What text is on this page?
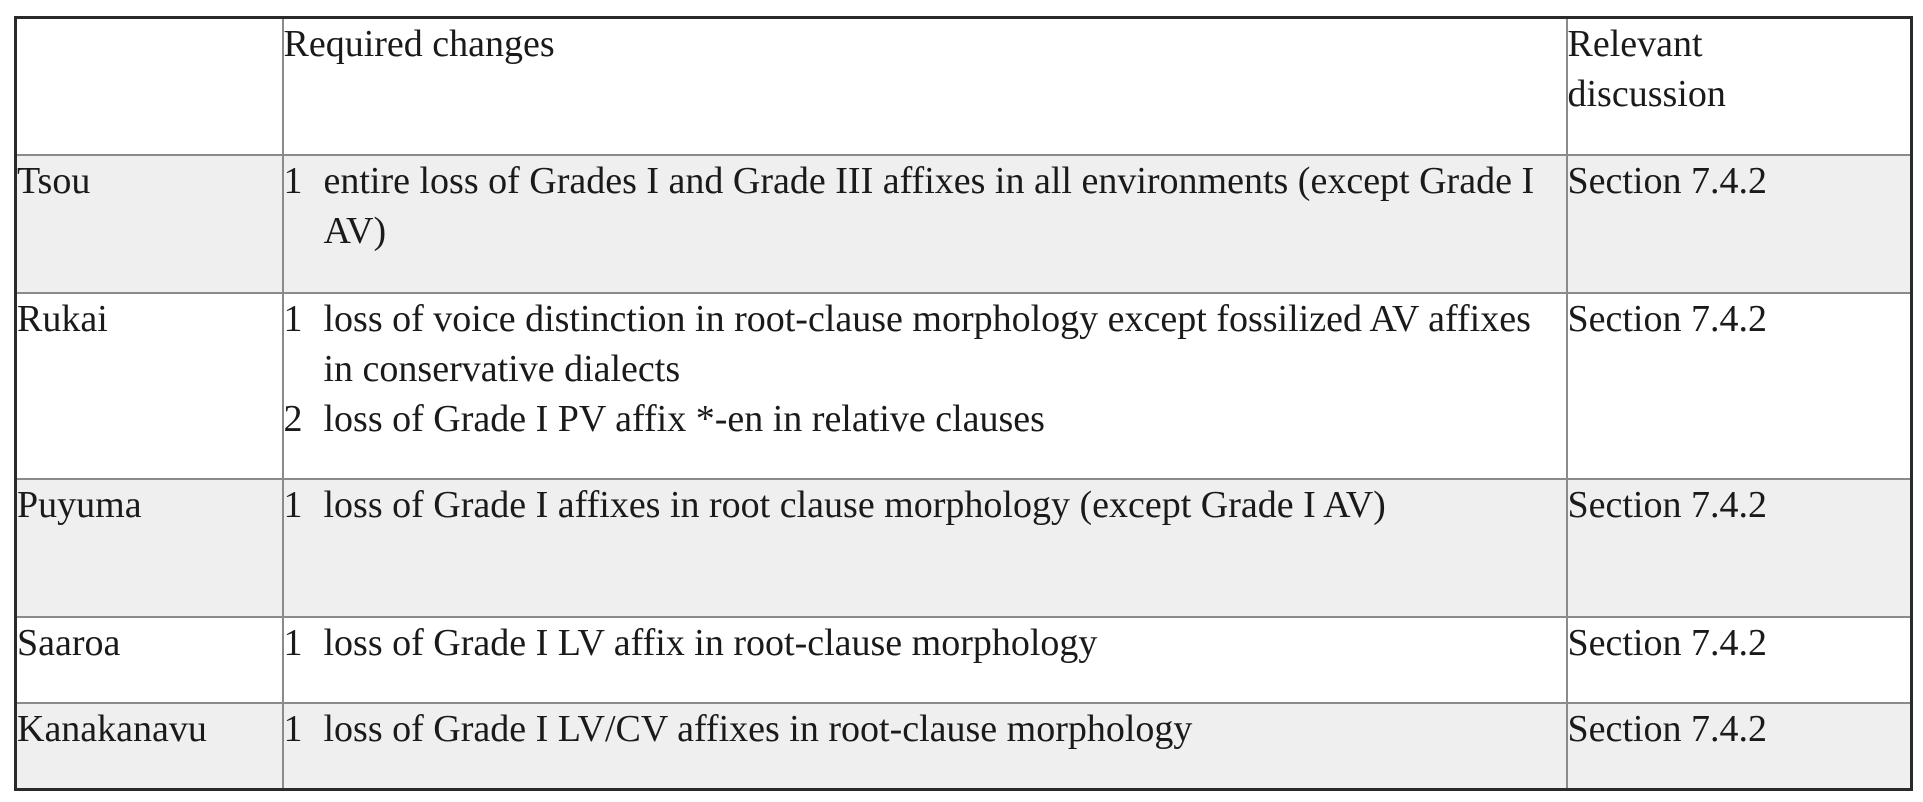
	Required changes	Relevant
discussion

Tsou	1 entire loss of Grades I and Grade III affixes in all environments (except Grade I AV)	Section 7.4.2
Rukai	1 loss of voice distinction in root-clause morphology except fossilized AV affixes in conservative dialects
2 loss of Grade I PV affix *-en in relative clauses	Section 7.4.2
Puyuma	1 loss of Grade I affixes in root clause morphology (except Grade I AV)	Section 7.4.2
Saaroa	1 loss of Grade I LV affix in root-clause morphology	Section 7.4.2
Kanakanavu	1 loss of Grade I LV/CV affixes in root-clause morphology	Section 7.4.2
